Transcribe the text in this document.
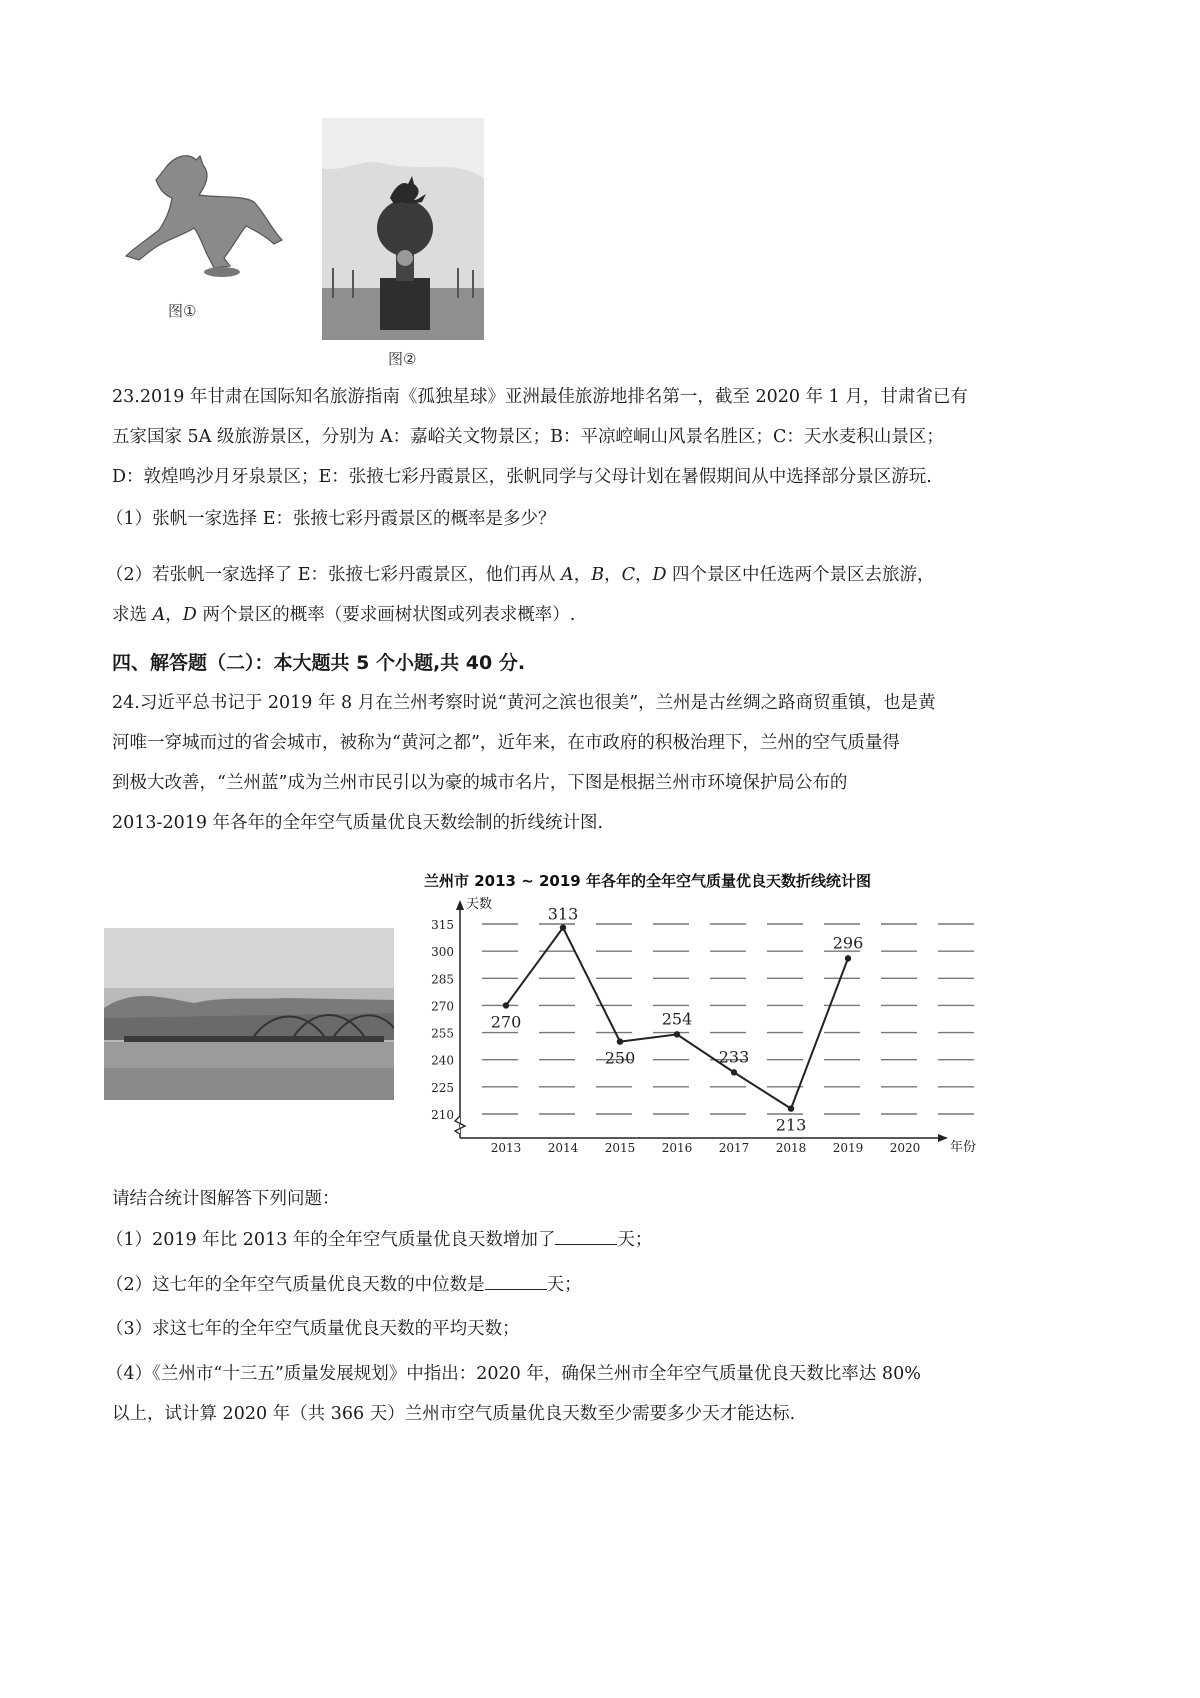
图①
图②
23.2019 年甘肃在国际知名旅游指南《孤独星球》亚洲最佳旅游地排名第一，截至 2020 年 1 月，甘肃省已有
五家国家 5A 级旅游景区，分别为 A：嘉峪关文物景区；B：平凉崆峒山风景名胜区；C：天水麦积山景区；
D：敦煌鸣沙月牙泉景区；E：张掖七彩丹霞景区，张帆同学与父母计划在暑假期间从中选择部分景区游玩.
（1）张帆一家选择 E：张掖七彩丹霞景区的概率是多少？
（2）若张帆一家选择了 E：张掖七彩丹霞景区，他们再从 A，B，C，D 四个景区中任选两个景区去旅游，
求选 A，D 两个景区的概率（要求画树状图或列表求概率）.
四、解答题（二）：本大题共 5 个小题,共 40 分.
24.习近平总书记于 2019 年 8 月在兰州考察时说“黄河之滨也很美”，兰州是古丝绸之路商贸重镇，也是黄
河唯一穿城而过的省会城市，被称为“黄河之都”，近年来，在市政府的积极治理下，兰州的空气质量得
到极大改善，“兰州蓝”成为兰州市民引以为豪的城市名片，下图是根据兰州市环境保护局公布的
2013-2019 年各年的全年空气质量优良天数绘制的折线统计图.
兰州市 2013 ~ 2019 年各年的全年空气质量优良天数折线统计图
天数
年份
210
225
240
255
270
285
300
315
2013 2014 2015 2016 2017 2018 2019 2020
270
313
250
254
233
213
296
请结合统计图解答下列问题：
（1）2019 年比 2013 年的全年空气质量优良天数增加了	天；
（2）这七年的全年空气质量优良天数的中位数是	天；
（3）求这七年的全年空气质量优良天数的平均天数；
（4）《兰州市“十三五”质量发展规划》中指出：2020 年，确保兰州市全年空气质量优良天数比率达 80%
以上，试计算 2020 年（共 366 天）兰州市空气质量优良天数至少需要多少天才能达标.
